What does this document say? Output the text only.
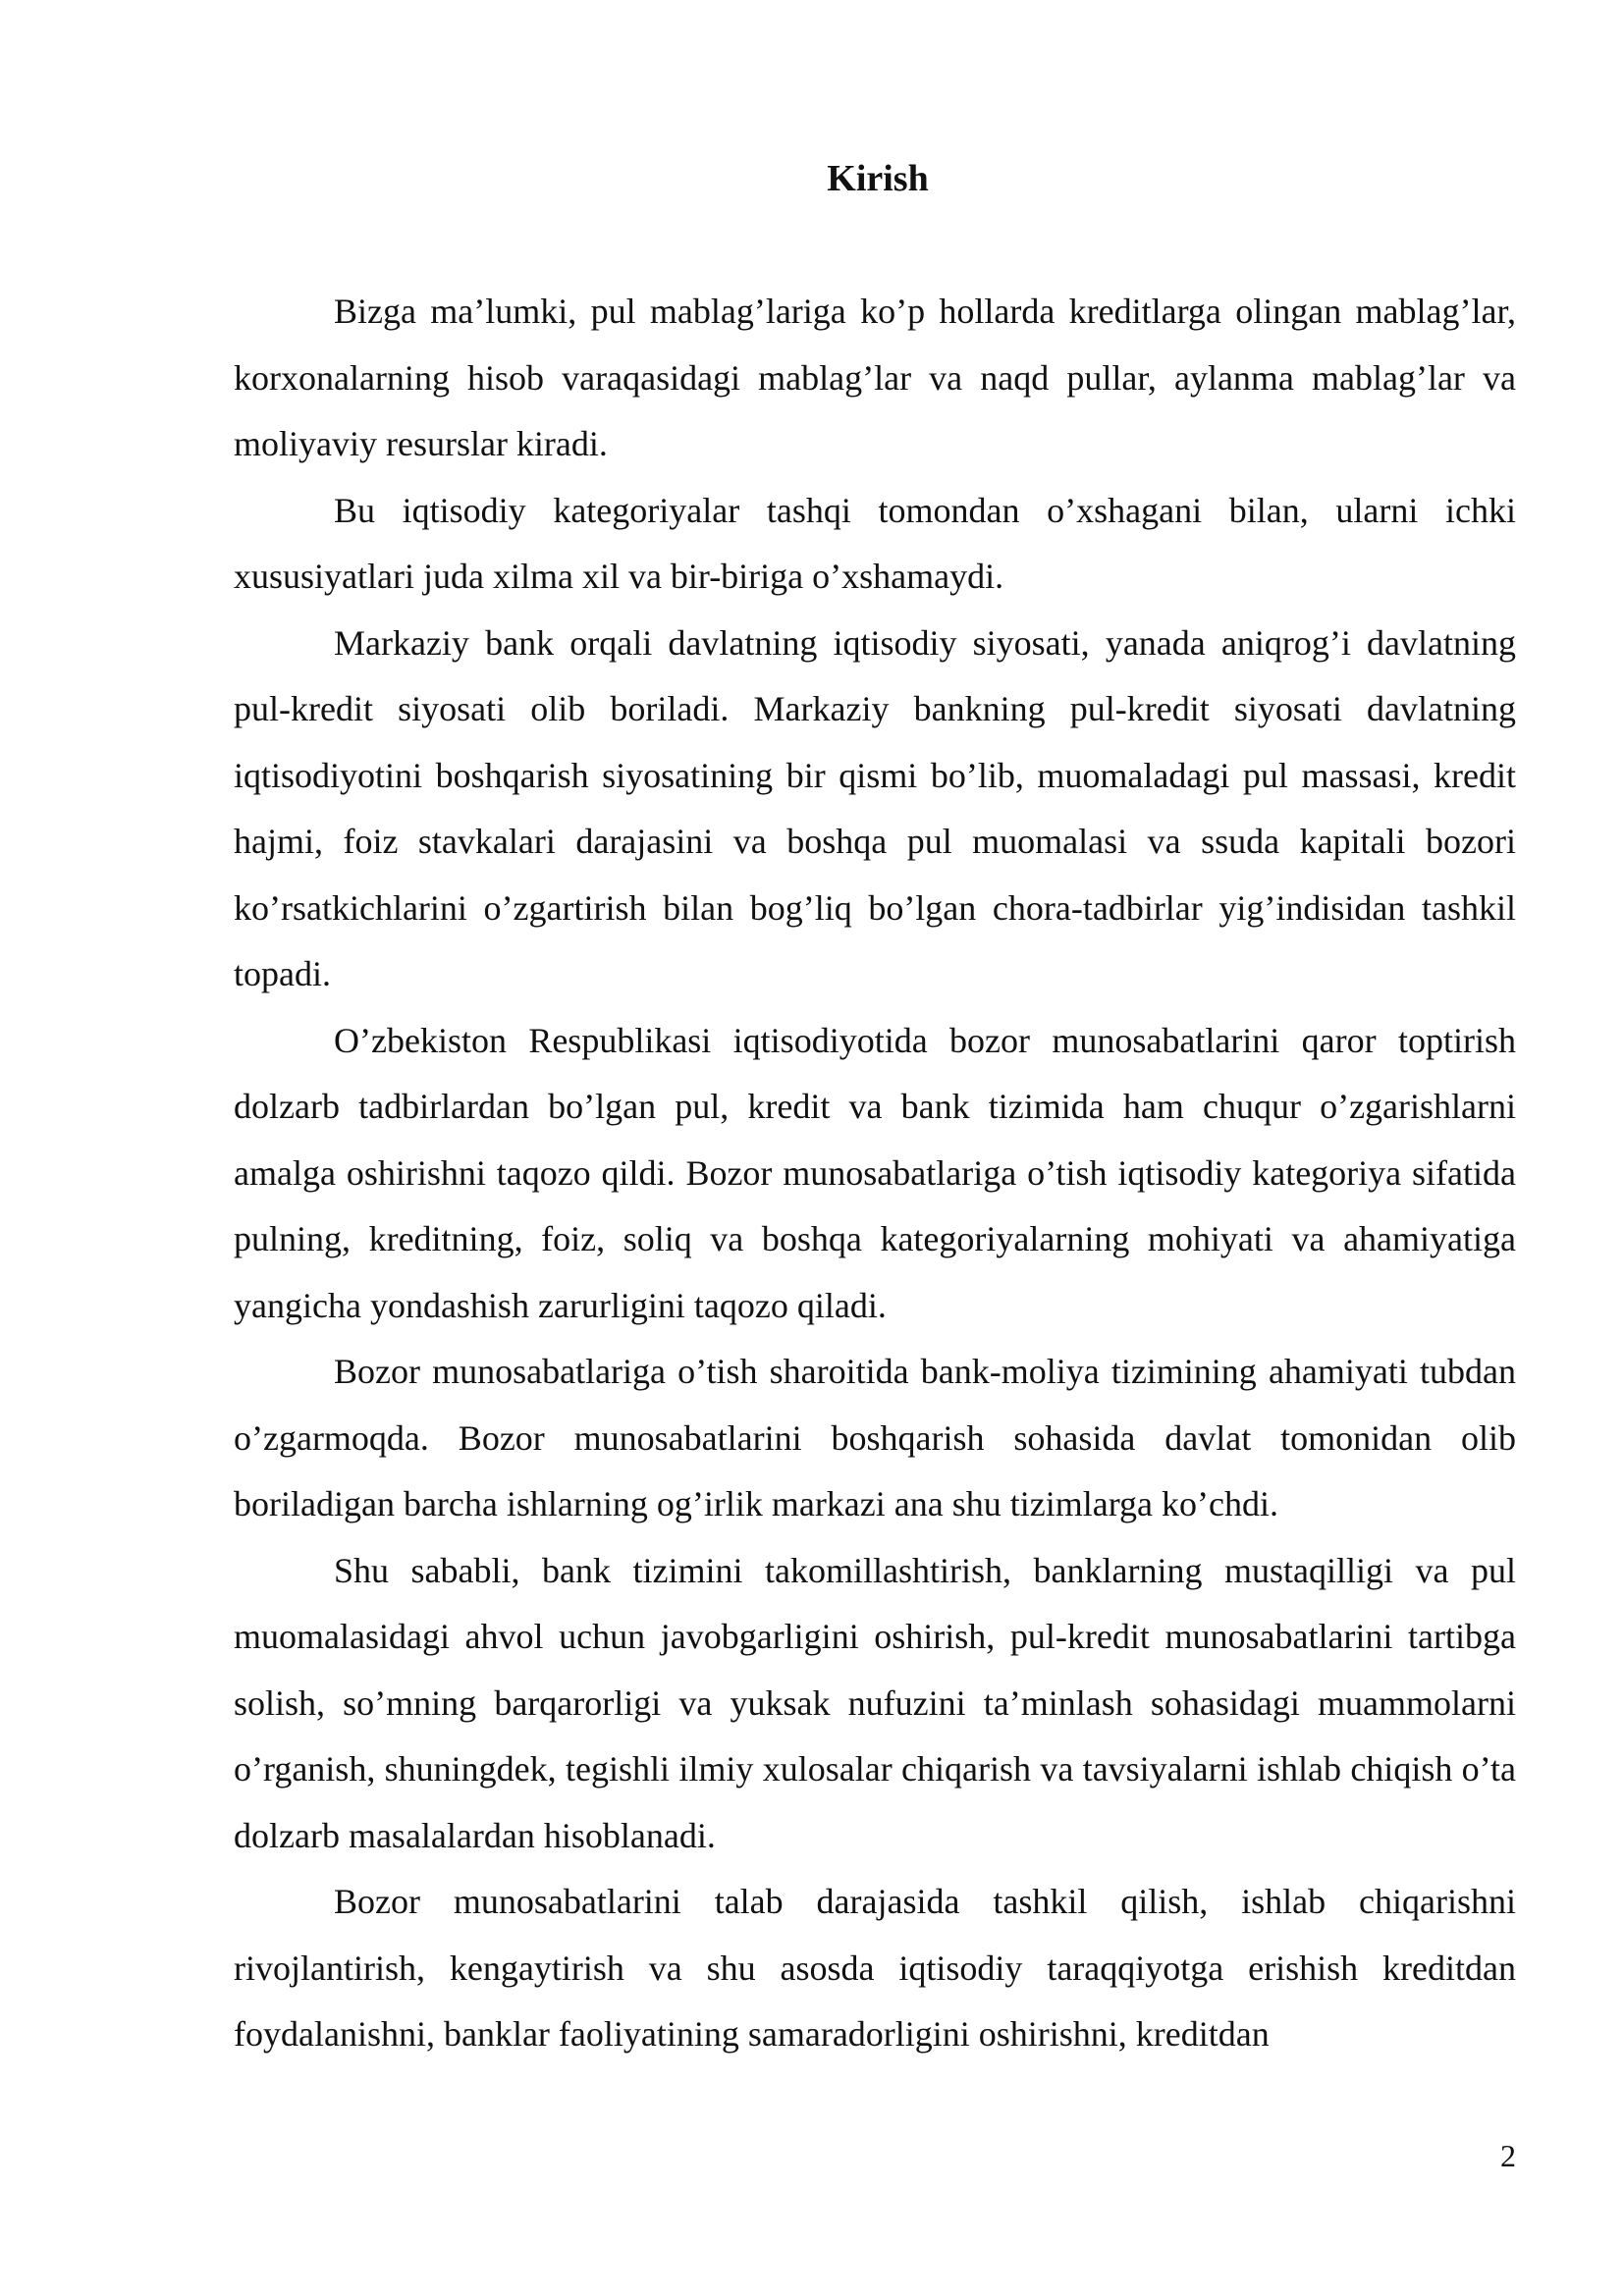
Kirish

Bizga ma’lumki, pul mablag’lariga ko’p hollarda kreditlarga olingan mablag’lar, korxonalarning hisob varaqasidagi mablag’lar va naqd pullar, aylanma mablag’lar va moliyaviy resurslar kiradi.

Bu iqtisodiy kategoriyalar tashqi tomondan o’xshagani bilan, ularni ichki xususiyatlari juda xilma xil va bir-biriga o’xshamaydi.

Markaziy bank orqali davlatning iqtisodiy siyosati, yanada aniqrog’i davlatning pul-kredit siyosati olib boriladi. Markaziy bankning pul-kredit siyosati davlatning iqtisodiyotini boshqarish siyosatining bir qismi bo’lib, muomaladagi pul massasi, kredit hajmi, foiz stavkalari darajasini va boshqa pul muomalasi va ssuda kapitali bozori ko’rsatkichlarini o’zgartirish bilan bog’liq bo’lgan chora-tadbirlar yig’indisidan tashkil topadi.

O’zbekiston Respublikasi iqtisodiyotida bozor munosabatlarini qaror toptirish dolzarb tadbirlardan bo’lgan pul, kredit va bank tizimida ham chuqur o’zgarishlarni amalga oshirishni taqozo qildi. Bozor munosabatlariga o’tish iqtisodiy kategoriya sifatida pulning, kreditning, foiz, soliq va boshqa kategoriyalarning mohiyati va ahamiyatiga yangicha yondashish zarurligini taqozo qiladi.

Bozor munosabatlariga o’tish sharoitida bank-moliya tizimining ahamiyati tubdan o’zgarmoqda. Bozor munosabatlarini boshqarish sohasida davlat tomonidan olib boriladigan barcha ishlarning og’irlik markazi ana shu tizimlarga ko’chdi.

Shu sababli, bank tizimini takomillashtirish, banklarning mustaqilligi va pul muomalasidagi ahvol uchun javobgarligini oshirish, pul-kredit munosabatlarini tartibga solish, so’mning barqarorligi va yuksak nufuzini ta’minlash sohasidagi muammolarni o’rganish, shuningdek, tegishli ilmiy xulosalar chiqarish va tavsiyalarni ishlab chiqish o’ta dolzarb masalalardan hisoblanadi.

Bozor munosabatlarini talab darajasida tashkil qilish, ishlab chiqarishni rivojlantirish, kengaytirish va shu asosda iqtisodiy taraqqiyotga erishish kreditdan foydalanishni, banklar faoliyatining samaradorligini oshirishni, kreditdan

2
